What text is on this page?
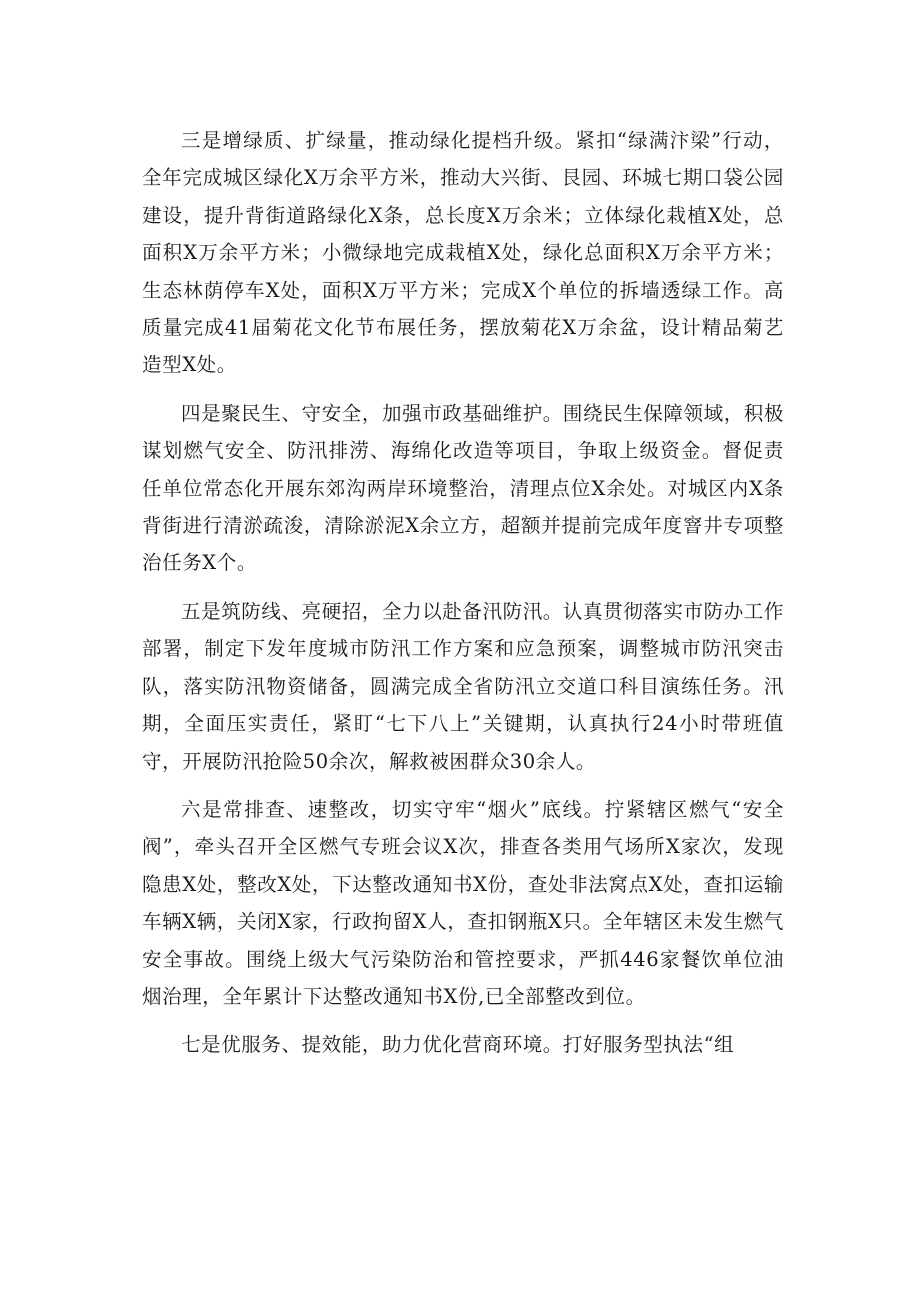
三是增绿质、扩绿量，推动绿化提档升级。紧扣“绿满汴梁”行动，全年完成城区绿化X万余平方米，推动大兴街、艮园、环城七期口袋公园建设，提升背街道路绿化X条，总长度X万余米；立体绿化栽植X处，总面积X万余平方米；小微绿地完成栽植X处，绿化总面积X万余平方米；生态林荫停车X处，面积X万平方米；完成X个单位的拆墙透绿工作。高质量完成41届菊花文化节布展任务，摆放菊花X万余盆，设计精品菊艺造型X处。

四是聚民生、守安全，加强市政基础维护。围绕民生保障领域，积极谋划燃气安全、防汛排涝、海绵化改造等项目，争取上级资金。督促责任单位常态化开展东郊沟两岸环境整治，清理点位X余处。对城区内X条背街进行清淤疏浚，清除淤泥X余立方，超额并提前完成年度窨井专项整治任务X个。

五是筑防线、亮硬招，全力以赴备汛防汛。认真贯彻落实市防办工作部署，制定下发年度城市防汛工作方案和应急预案，调整城市防汛突击队，落实防汛物资储备，圆满完成全省防汛立交道口科目演练任务。汛期，全面压实责任，紧盯“七下八上”关键期，认真执行24小时带班值守，开展防汛抢险50余次，解救被困群众30余人。

六是常排查、速整改，切实守牢“烟火”底线。拧紧辖区燃气“安全阀”，牵头召开全区燃气专班会议X次，排查各类用气场所X家次，发现隐患X处，整改X处，下达整改通知书X份，查处非法窝点X处，查扣运输车辆X辆，关闭X家，行政拘留X人，查扣钢瓶X只。全年辖区未发生燃气安全事故。围绕上级大气污染防治和管控要求，严抓446家餐饮单位油烟治理，全年累计下达整改通知书X份,已全部整改到位。

七是优服务、提效能，助力优化营商环境。打好服务型执法“组
